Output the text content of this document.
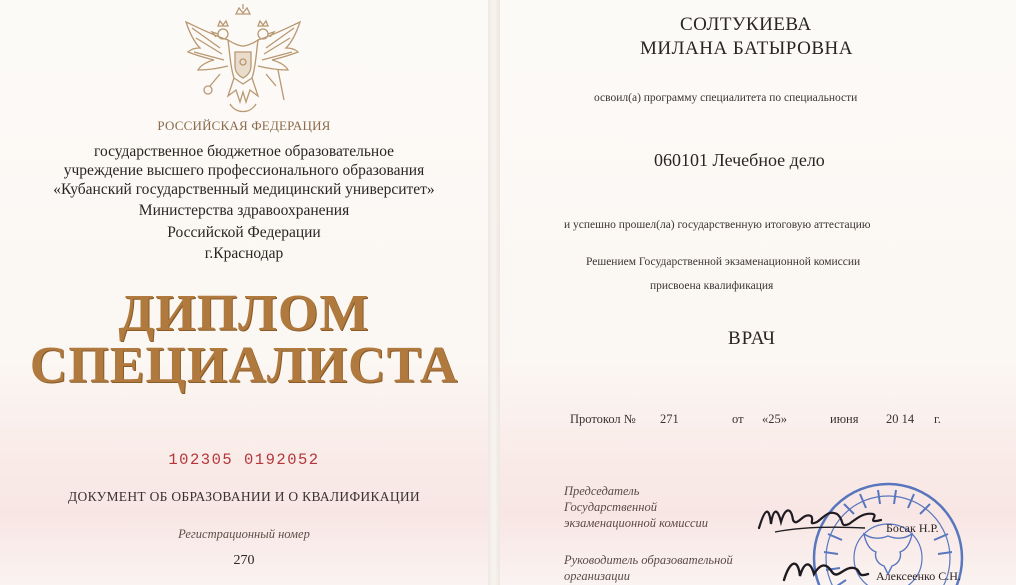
РОССИЙСКАЯ ФЕДЕРАЦИЯ
государственное бюджетное образовательное
учреждение высшего профессионального образования
«Кубанский государственный медицинский университет»
Министерства здравоохранения
Российской Федерации
г.Краснодар
ДИПЛОМ
СПЕЦИАЛИСТА
102305 0192052
ДОКУМЕНТ ОБ ОБРАЗОВАНИИ И О КВАЛИФИКАЦИИ
Регистрационный номер
270
СОЛТУКИЕВА
МИЛАНА БАТЫРОВНА
освоил(а) программу специалитета по специальности
060101 Лечебное дело
и успешно прошел(ла) государственную итоговую аттестацию
Решением Государственной экзаменационной комиссии
присвоена квалификация
ВРАЧ
Протокол № 271	от «25»	июня 20 14 г.
Председатель
Государственной
экзаменационной комиссии
Руководитель образовательной
организации
Босак Н.Р.
Алексеенко С.Н.
